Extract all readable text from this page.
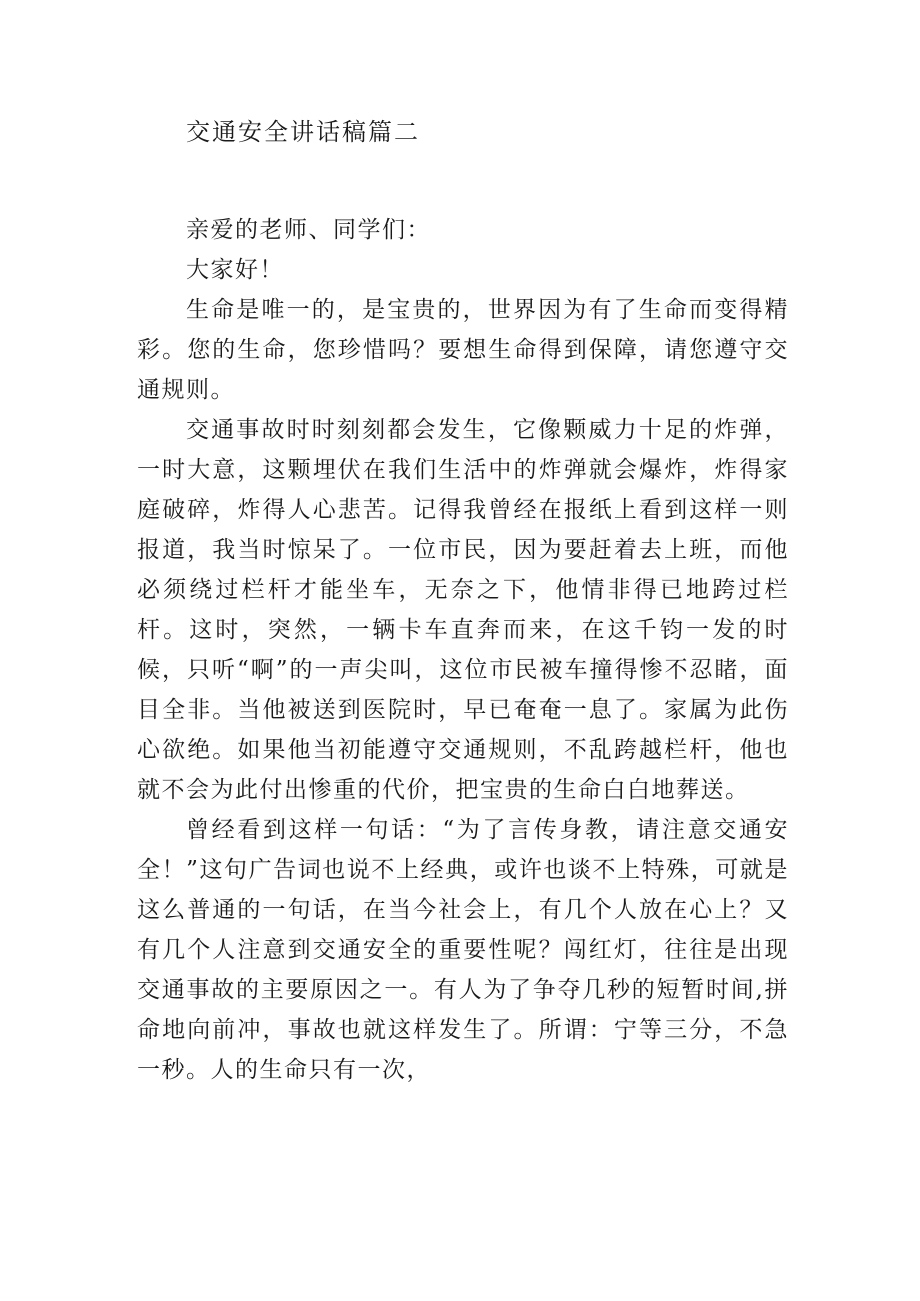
交通安全讲话稿篇二

亲爱的老师、同学们：

大家好！

生命是唯一的，是宝贵的，世界因为有了生命而变得精彩。您的生命，您珍惜吗？要想生命得到保障，请您遵守交通规则。

交通事故时时刻刻都会发生，它像颗威力十足的炸弹，一时大意，这颗埋伏在我们生活中的炸弹就会爆炸，炸得家庭破碎，炸得人心悲苦。记得我曾经在报纸上看到这样一则报道，我当时惊呆了。一位市民，因为要赶着去上班，而他必须绕过栏杆才能坐车，无奈之下，他情非得已地跨过栏杆。这时，突然，一辆卡车直奔而来，在这千钧一发的时候，只听“啊”的一声尖叫，这位市民被车撞得惨不忍睹，面目全非。当他被送到医院时，早已奄奄一息了。家属为此伤心欲绝。如果他当初能遵守交通规则，不乱跨越栏杆，他也就不会为此付出惨重的代价，把宝贵的生命白白地葬送。

曾经看到这样一句话：“为了言传身教，请注意交通安全！”这句广告词也说不上经典，或许也谈不上特殊，可就是这么普通的一句话，在当今社会上，有几个人放在心上？又有几个人注意到交通安全的重要性呢？闯红灯，往往是出现交通事故的主要原因之一。有人为了争夺几秒的短暂时间,拼命地向前冲，事故也就这样发生了。所谓：宁等三分，不急一秒。人的生命只有一次，
